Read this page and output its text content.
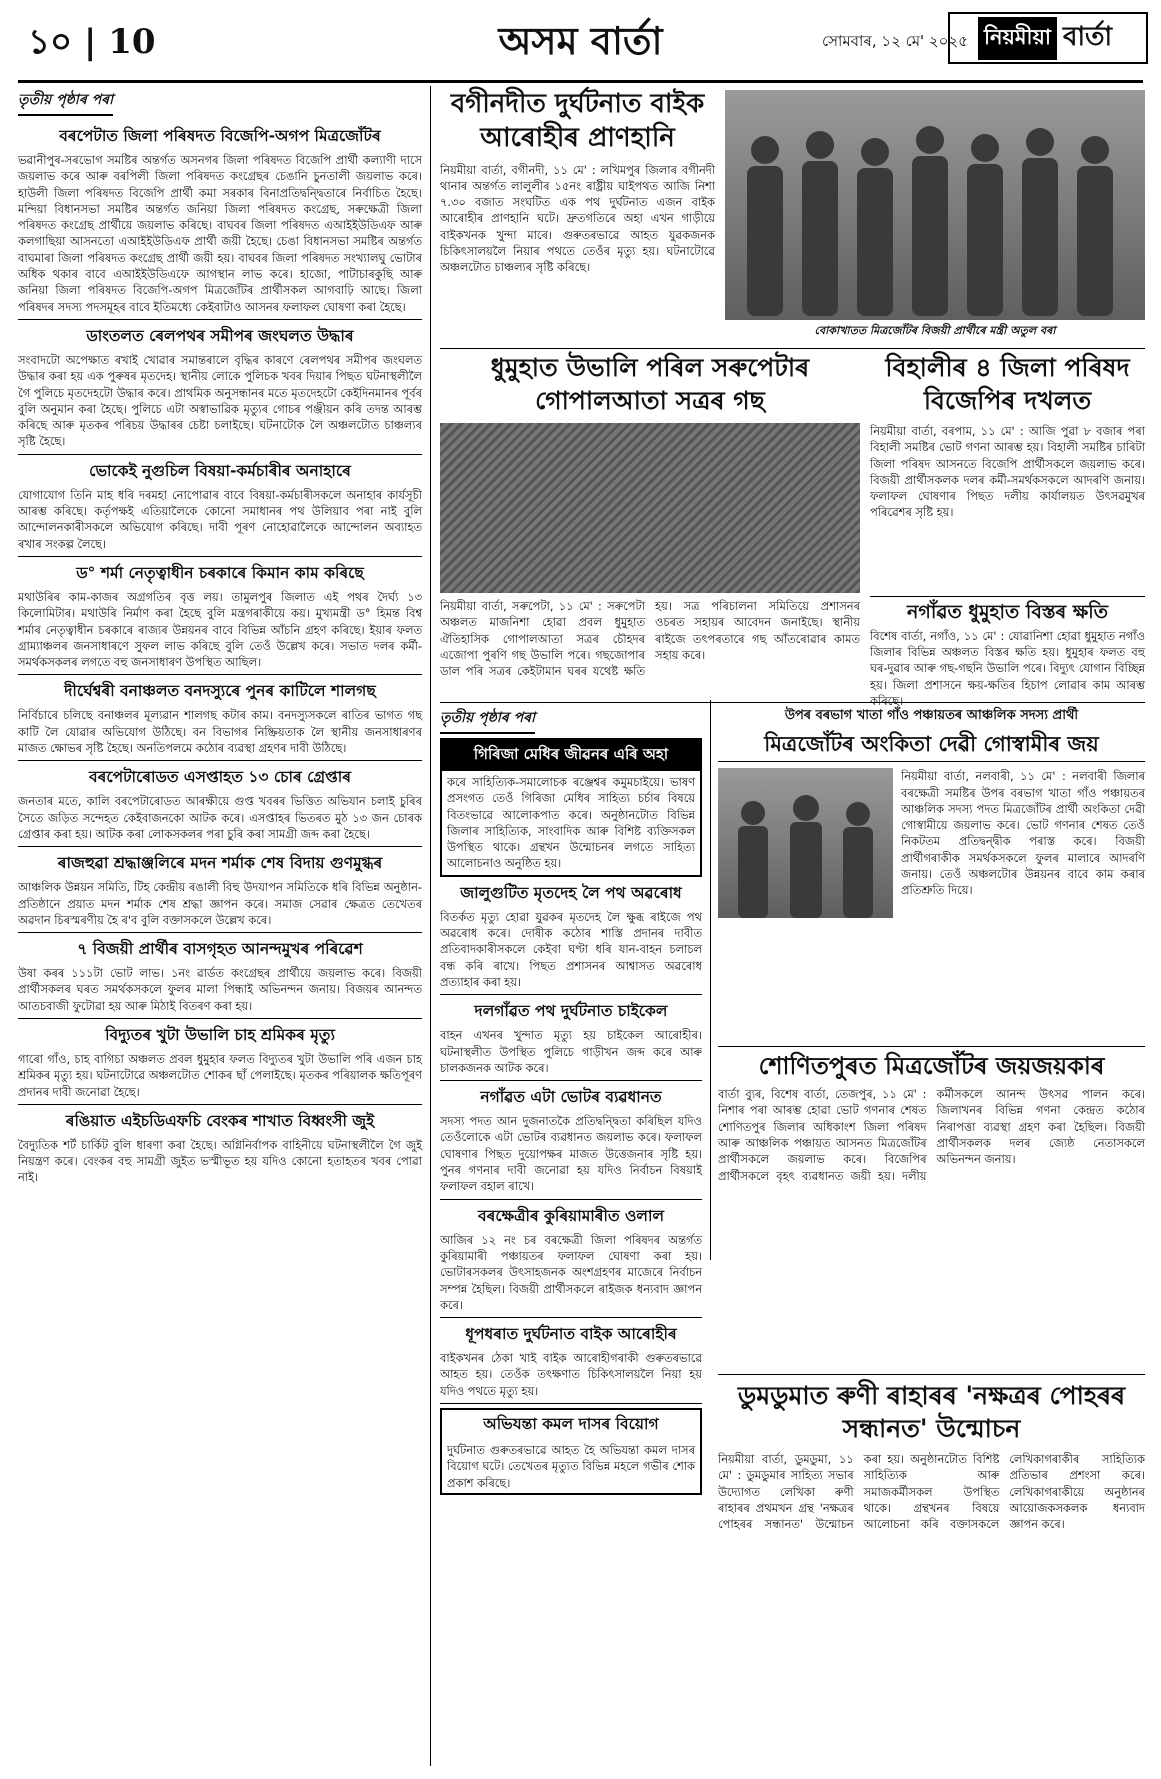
১০ | 10	অসম বাৰ্তা	সোমবাৰ, ১২ মে' ২০২৫ নিয়মীয়া বাৰ্তা
তৃতীয় পৃষ্ঠাৰ পৰা
বৰপেটাত জিলা পৰিষদত বিজেপি-অগপ মিত্ৰজোঁটৰ
ভৱানীপুৰ-সৰভোগ সমষ্টিৰ অন্তৰ্গত অসনগৰ জিলা পৰিষদত বিজেপি প্ৰাৰ্থী কল্যাণী দাসে জয়লাভ কৰে আৰু বৰপিলী জিলা পৰিষদত কংগ্ৰেছৰ চেঙানি চুনতালী জয়লাভ কৰে। হাউলী জিলা পৰিষদত বিজেপি প্ৰাৰ্থী কমা সৰকাৰ বিনাপ্ৰতিদ্বন্দ্বিতাৰে নিৰ্বাচিত হৈছে। মন্দিয়া বিধানসভা সমষ্টিৰ অন্তৰ্গত জনিয়া জিলা পৰিষদত কংগ্ৰেছ, সৰুক্ষেত্ৰী জিলা পৰিষদত কংগ্ৰেছ প্ৰাৰ্থীয়ে জয়লাভ কৰিছে। বাঘবৰ জিলা পৰিষদত এআইইউডিএফ আৰু কলগাছিয়া আসনতো এআইইউডিএফ প্ৰাৰ্থী জয়ী হৈছে। চেঙা বিধানসভা সমষ্টিৰ অন্তৰ্গত বাঘমাৰা জিলা পৰিষদত কংগ্ৰেছ প্ৰাৰ্থী জয়ী হয়। বাঘবৰ জিলা পৰিষদত সংখ্যালঘু ভোটাৰ অধিক থকাৰ বাবে এআইইউডিএফে আগস্থান লাভ কৰে। হাজো, পাটাচাৰকুছি আৰু জনিয়া জিলা পৰিষদত বিজেপি-অগপ মিত্ৰজোঁটৰ প্ৰাৰ্থীসকল আগবাঢ়ি আছে। জিলা পৰিষদৰ সদস্য পদসমূহৰ বাবে ইতিমধ্যে কেইবাটাও আসনৰ ফলাফল ঘোষণা কৰা হৈছে।
ডাংতলত ৰেলপথৰ সমীপৰ জংঘলত উদ্ধাৰ
সংবাদটো অপেক্ষাত ৰখাই খোৱাৰ সমান্তৰালে বৃদ্ধিৰ কাৰণে ৰেলপথৰ সমীপৰ জংঘলত উদ্ধাৰ কৰা হয় এক পুৰুষৰ মৃতদেহ। স্থানীয় লোকে পুলিচক খবৰ দিয়াৰ পিছত ঘটনাস্থলীলৈ গৈ পুলিচে মৃতদেহটো উদ্ধাৰ কৰে। প্ৰাথমিক অনুসন্ধানৰ মতে মৃতদেহটো কেইদিনমানৰ পূৰ্বৰ বুলি অনুমান কৰা হৈছে। পুলিচে এটা অস্বাভাৱিক মৃত্যুৰ গোচৰ পঞ্জীয়ন কৰি তদন্ত আৰম্ভ কৰিছে আৰু মৃতকৰ পৰিচয় উদ্ধাৰৰ চেষ্টা চলাইছে। ঘটনাটোক লৈ অঞ্চলটোত চাঞ্চল্যৰ সৃষ্টি হৈছে।
ভোকেই নুগুচিল বিষয়া-কৰ্মচাৰীৰ অনাহাৰে
যোগাযোগ তিনি মাহ ধৰি দৰমহা নোপোৱাৰ বাবে বিষয়া-কৰ্মচাৰীসকলে অনাহাৰ কাৰ্যসূচী আৰম্ভ কৰিছে। কৰ্তৃপক্ষই এতিয়ালৈকে কোনো সমাধানৰ পথ উলিয়াব পৰা নাই বুলি আন্দোলনকাৰীসকলে অভিযোগ কৰিছে। দাবী পূৰণ নোহোৱালৈকে আন্দোলন অব্যাহত ৰখাৰ সংকল্প লৈছে।
ড° শৰ্মা নেতৃত্বাধীন চৰকাৰে কিমান কাম কৰিছে
মথাউৰিৰ কাম-কাজৰ অগ্ৰগতিৰ বৃত্ত লয়। তামুলপুৰ জিলাত এই পথৰ দৈৰ্ঘ্য ১৩ কিলোমিটাৰ। মথাউৰি নিৰ্মাণ কৰা হৈছে বুলি মন্ত্ৰগৰাকীয়ে কয়। মুখ্যমন্ত্ৰী ড° হিমন্ত বিশ্ব শৰ্মাৰ নেতৃত্বাধীন চৰকাৰে ৰাজ্যৰ উন্নয়নৰ বাবে বিভিন্ন আঁচনি গ্ৰহণ কৰিছে। ইয়াৰ ফলত গ্ৰাম্যাঞ্চলৰ জনসাধাৰণে সুফল লাভ কৰিছে বুলি তেওঁ উল্লেখ কৰে। সভাত দলৰ কৰ্মী-সমৰ্থকসকলৰ লগতে বহু জনসাধাৰণ উপস্থিত আছিল।
দীৰ্ঘেশ্বৰী বনাঞ্চলত বনদস্যুৰে পুনৰ কাটিলে শালগছ
নিৰ্বিচাৰে চলিছে বনাঞ্চলৰ মূল্যৱান শালগছ কটাৰ কাম। বনদস্যুসকলে ৰাতিৰ ভাগত গছ কাটি লৈ যোৱাৰ অভিযোগ উঠিছে। বন বিভাগৰ নিষ্ক্ৰিয়তাক লৈ স্থানীয় জনসাধাৰণৰ মাজত ক্ষোভৰ সৃষ্টি হৈছে। অনতিপলমে কঠোৰ ব্যৱস্থা গ্ৰহণৰ দাবী উঠিছে।
বৰপেটাৰোডত এসপ্তাহত ১৩ চোৰ গ্ৰেপ্তাৰ
জনতাৰ মতে, কালি বৰপেটাৰোডত আৰক্ষীয়ে গুপ্ত খবৰৰ ভিত্তিত অভিযান চলাই চুৰিৰ সৈতে জড়িত সন্দেহত কেইবাজনকো আটক কৰে। এসপ্তাহৰ ভিতৰত মুঠ ১৩ জন চোৰক গ্ৰেপ্তাৰ কৰা হয়। আটক কৰা লোকসকলৰ পৰা চুৰি কৰা সামগ্ৰী জব্দ কৰা হৈছে।
ৰাজহুৱা শ্ৰদ্ধাঞ্জলিৰে মদন শৰ্মাক শেষ বিদায় গুণমুগ্ধৰ
আঞ্চলিক উন্নয়ন সমিতি, টিহ কেন্দ্ৰীয় ৰঙালী বিহু উদযাপন সমিতিকে ধৰি বিভিন্ন অনুষ্ঠান-প্ৰতিষ্ঠানে প্ৰয়াত মদন শৰ্মাক শেষ শ্ৰদ্ধা জ্ঞাপন কৰে। সমাজ সেৱাৰ ক্ষেত্ৰত তেখেতৰ অৱদান চিৰস্মৰণীয় হৈ ৰ'ব বুলি বক্তাসকলে উল্লেখ কৰে।
৭ বিজয়ী প্ৰাৰ্থীৰ বাসগৃহত আনন্দমুখৰ পৰিৱেশ
উষা কৰৰ ১১১টা ভোট লাভ। ১নং ৱাৰ্ডত কংগ্ৰেছৰ প্ৰাৰ্থীয়ে জয়লাভ কৰে। বিজয়ী প্ৰাৰ্থীসকলৰ ঘৰত সমৰ্থকসকলে ফুলৰ মালা পিন্ধাই অভিনন্দন জনায়। বিজয়ৰ আনন্দত আতচবাজী ফুটোৱা হয় আৰু মিঠাই বিতৰণ কৰা হয়।
বিদ্যুতৰ খুটা উভালি চাহ শ্ৰমিকৰ মৃত্যু
গাৰো গাঁও, চাহ বাগিচা অঞ্চলত প্ৰবল ধুমুহাৰ ফলত বিদ্যুতৰ খুটা উভালি পৰি এজন চাহ শ্ৰমিকৰ মৃত্যু হয়। ঘটনাটোৱে অঞ্চলটোত শোকৰ ছাঁ পেলাইছে। মৃতকৰ পৰিয়ালক ক্ষতিপূৰণ প্ৰদানৰ দাবী জনোৱা হৈছে।
ৰঙিয়াত এইচডিএফচি বেংকৰ শাখাত বিধ্বংসী জুই
বৈদ্যুতিক শৰ্ট চাৰ্কিট বুলি ধাৰণা কৰা হৈছে। অগ্নিনিৰ্বাপক বাহিনীয়ে ঘটনাস্থলীলৈ গৈ জুই নিয়ন্ত্ৰণ কৰে। বেংকৰ বহু সামগ্ৰী জুইত ভস্মীভূত হয় যদিও কোনো হতাহতৰ খবৰ পোৱা নাই।
বগীনদীত দুৰ্ঘটনাত বাইক আৰোহীৰ প্ৰাণহানি
নিয়মীয়া বাৰ্তা, বগীনদী, ১১ মে' : লখিমপুৰ জিলাৰ বগীনদী থানাৰ অন্তৰ্গত লালুলীৰ ১৫নং ৰাষ্ট্ৰীয় ঘাইপথত আজি নিশা ৭.৩০ বজাত সংঘটিত এক পথ দুৰ্ঘটনাত এজন বাইক আৰোহীৰ প্ৰাণহানি ঘটে। দ্ৰুতগতিৰে অহা এখন গাড়ীয়ে বাইকখনক খুন্দা মাৰে। গুৰুতৰভাৱে আহত যুৱকজনক চিকিৎসালয়লৈ নিয়াৰ পথতে তেওঁৰ মৃত্যু হয়। ঘটনাটোৱে অঞ্চলটোত চাঞ্চল্যৰ সৃষ্টি কৰিছে।
বোকাখাতত মিত্ৰজোঁটৰ বিজয়ী প্ৰাৰ্থীৰে মন্ত্ৰী অতুল বৰা
ধুমুহাত উভালি পৰিল সৰুপেটাৰ গোপালআতা সত্ৰৰ গছ
নিয়মীয়া বাৰ্তা, সৰুপেটা, ১১ মে' : সৰুপেটা অঞ্চলত মাজনিশা হোৱা প্ৰবল ধুমুহাত ঐতিহাসিক গোপালআতা সত্ৰৰ চৌহদৰ এজোপা পুৰণি গছ উভালি পৰে। গছজোপাৰ ডাল পৰি সত্ৰৰ কেইটামান ঘৰৰ যথেষ্ট ক্ষতি হয়। সত্ৰ পৰিচালনা সমিতিয়ে প্ৰশাসনৰ ওচৰত সহায়ৰ আবেদন জনাইছে। স্থানীয় ৰাইজে তৎপৰতাৰে গছ আঁতৰোৱাৰ কামত সহায় কৰে।
বিহালীৰ ৪ জিলা পৰিষদ বিজেপিৰ দখলত
নিয়মীয়া বাৰ্তা, বৰপাম, ১১ মে' : আজি পুৱা ৮ বজাৰ পৰা বিহালী সমষ্টিৰ ভোট গণনা আৰম্ভ হয়। বিহালী সমষ্টিৰ চাৰিটা জিলা পৰিষদ আসনতে বিজেপি প্ৰাৰ্থীসকলে জয়লাভ কৰে। বিজয়ী প্ৰাৰ্থীসকলক দলৰ কৰ্মী-সমৰ্থকসকলে আদৰণি জনায়। ফলাফল ঘোষণাৰ পিছত দলীয় কাৰ্যালয়ত উৎসৱমুখৰ পৰিৱেশৰ সৃষ্টি হয়।
নগাঁৱত ধুমুহাত বিস্তৰ ক্ষতি
বিশেষ বাৰ্তা, নগাঁও, ১১ মে' : যোৱানিশা হোৱা ধুমুহাত নগাঁও জিলাৰ বিভিন্ন অঞ্চলত বিস্তৰ ক্ষতি হয়। ধুমুহাৰ ফলত বহু ঘৰ-দুৱাৰ আৰু গছ-গছনি উভালি পৰে। বিদ্যুৎ যোগান বিচ্ছিন্ন হয়। জিলা প্ৰশাসনে ক্ষয়-ক্ষতিৰ হিচাপ লোৱাৰ কাম আৰম্ভ কৰিছে।
তৃতীয় পৃষ্ঠাৰ পৰা
গিৰিজা মেধিৰ জীৱনৰ এৰি অহা
কৰে সাহিত্যিক-সমালোচক ৰঞ্জেশ্বৰ কমুমচাইয়ে। ভাষণ প্ৰসংগত তেওঁ গিৰিজা মেধিৰ সাহিত্য চৰ্চাৰ বিষয়ে বিতংভাৱে আলোকপাত কৰে। অনুষ্ঠানটোত বিভিন্ন জিলাৰ সাহিত্যিক, সাংবাদিক আৰু বিশিষ্ট ব্যক্তিসকল উপস্থিত থাকে। গ্ৰন্থখন উন্মোচনৰ লগতে সাহিত্য আলোচনাও অনুষ্ঠিত হয়।
জালুগুটিত মৃতদেহ লৈ পথ অৱৰোধ
বিতৰ্কত মৃত্যু হোৱা যুৱকৰ মৃতদেহ লৈ ক্ষুব্ধ ৰাইজে পথ অৱৰোধ কৰে। দোষীক কঠোৰ শাস্তি প্ৰদানৰ দাবীত প্ৰতিবাদকাৰীসকলে কেইবা ঘণ্টা ধৰি যান-বাহন চলাচল বন্ধ কৰি ৰাখে। পিছত প্ৰশাসনৰ আশ্বাসত অৱৰোধ প্ৰত্যাহাৰ কৰা হয়।
দলগাঁৱত পথ দুৰ্ঘটনাত চাইকেল
বাহন এখনৰ খুন্দাত মৃত্যু হয় চাইকেল আৰোহীৰ। ঘটনাস্থলীত উপস্থিত পুলিচে গাড়ীখন জব্দ কৰে আৰু চালকজনক আটক কৰে।
নগাঁৱত এটা ভোটৰ ব্যৱধানত
সদস্য পদত আন দুজনাতকৈ প্ৰতিদ্বন্দ্বিতা কৰিছিল যদিও তেওঁলোকে এটা ভোটৰ ব্যৱধানত জয়লাভ কৰে। ফলাফল ঘোষণাৰ পিছত দুয়োপক্ষৰ মাজত উত্তেজনাৰ সৃষ্টি হয়। পুনৰ গণনাৰ দাবী জনোৱা হয় যদিও নিৰ্বাচন বিষয়াই ফলাফল বহাল ৰাখে।
বৰক্ষেত্ৰীৰ কুৰিয়ামাৰীত ওলাল
আজিৰ ১২ নং চৰ বৰক্ষেত্ৰী জিলা পৰিষদৰ অন্তৰ্গত কুৰিয়ামাৰী পঞ্চায়তৰ ফলাফল ঘোষণা কৰা হয়। ভোটাৰসকলৰ উৎসাহজনক অংশগ্ৰহণৰ মাজেৰে নিৰ্বাচন সম্পন্ন হৈছিল। বিজয়ী প্ৰাৰ্থীসকলে ৰাইজক ধন্যবাদ জ্ঞাপন কৰে।
ধূপধৰাত দুৰ্ঘটনাত বাইক আৰোহীৰ
বাইকখনৰ ঠেকা খাই বাইক আৰোহীগৰাকী গুৰুতৰভাৱে আহত হয়। তেওঁক তৎক্ষণাত চিকিৎসালয়লৈ নিয়া হয় যদিও পথতে মৃত্যু হয়।
অভিযন্তা কমল দাসৰ বিয়োগ
দুৰ্ঘটনাত গুৰুতৰভাৱে আহত হৈ অভিযন্তা কমল দাসৰ বিয়োগ ঘটে। তেখেতৰ মৃত্যুত বিভিন্ন মহলে গভীৰ শোক প্ৰকাশ কৰিছে।
উপৰ বৰভাগ খাতা গাঁও পঞ্চায়তৰ আঞ্চলিক সদস্য প্ৰাৰ্থী
মিত্ৰজোঁটৰ অংকিতা দেৱী গোস্বামীৰ জয়
নিয়মীয়া বাৰ্তা, নলবাৰী, ১১ মে' : নলবাৰী জিলাৰ বৰক্ষেত্ৰী সমষ্টিৰ উপৰ বৰভাগ খাতা গাঁও পঞ্চায়তৰ আঞ্চলিক সদস্য পদত মিত্ৰজোঁটৰ প্ৰাৰ্থী অংকিতা দেৱী গোস্বামীয়ে জয়লাভ কৰে। ভোট গণনাৰ শেষত তেওঁ নিকটতম প্ৰতিদ্বন্দ্বীক পৰাস্ত কৰে। বিজয়ী প্ৰাৰ্থীগৰাকীক সমৰ্থকসকলে ফুলৰ মালাৰে আদৰণি জনায়। তেওঁ অঞ্চলটোৰ উন্নয়নৰ বাবে কাম কৰাৰ প্ৰতিশ্ৰুতি দিয়ে।
শোণিতপুৰত মিত্ৰজোঁটৰ জয়জয়কাৰ
বাৰ্তা ব্যুৰ, বিশেষ বাৰ্তা, তেজপুৰ, ১১ মে' : নিশাৰ পৰা আৰম্ভ হোৱা ভোট গণনাৰ শেষত শোণিতপুৰ জিলাৰ অধিকাংশ জিলা পৰিষদ আৰু আঞ্চলিক পঞ্চায়ত আসনত মিত্ৰজোঁটৰ প্ৰাৰ্থীসকলে জয়লাভ কৰে। বিজেপিৰ প্ৰাৰ্থীসকলে বৃহৎ ব্যৱধানত জয়ী হয়। দলীয় কৰ্মীসকলে আনন্দ উৎসৱ পালন কৰে। জিলাখনৰ বিভিন্ন গণনা কেন্দ্ৰত কঠোৰ নিৰাপত্তা ব্যৱস্থা গ্ৰহণ কৰা হৈছিল। বিজয়ী প্ৰাৰ্থীসকলক দলৰ জ্যেষ্ঠ নেতাসকলে অভিনন্দন জনায়।
ডুমডুমাত ৰুণী ৰাহাৰৰ 'নক্ষত্ৰৰ পোহৰৰ সন্ধানত' উন্মোচন
নিয়মীয়া বাৰ্তা, ডুমডুমা, ১১ মে' : ডুমডুমাৰ সাহিত্য সভাৰ উদ্যোগত লেখিকা ৰুণী ৰাহাৰৰ প্ৰথমখন গ্ৰন্থ 'নক্ষত্ৰৰ পোহৰৰ সন্ধানত' উন্মোচন কৰা হয়। অনুষ্ঠানটোত বিশিষ্ট সাহিত্যিক আৰু সমাজকৰ্মীসকল উপস্থিত থাকে। গ্ৰন্থখনৰ বিষয়ে আলোচনা কৰি বক্তাসকলে লেখিকাগৰাকীৰ সাহিত্যিক প্ৰতিভাৰ প্ৰশংসা কৰে। লেখিকাগৰাকীয়ে অনুষ্ঠানৰ আয়োজকসকলক ধন্যবাদ জ্ঞাপন কৰে।
